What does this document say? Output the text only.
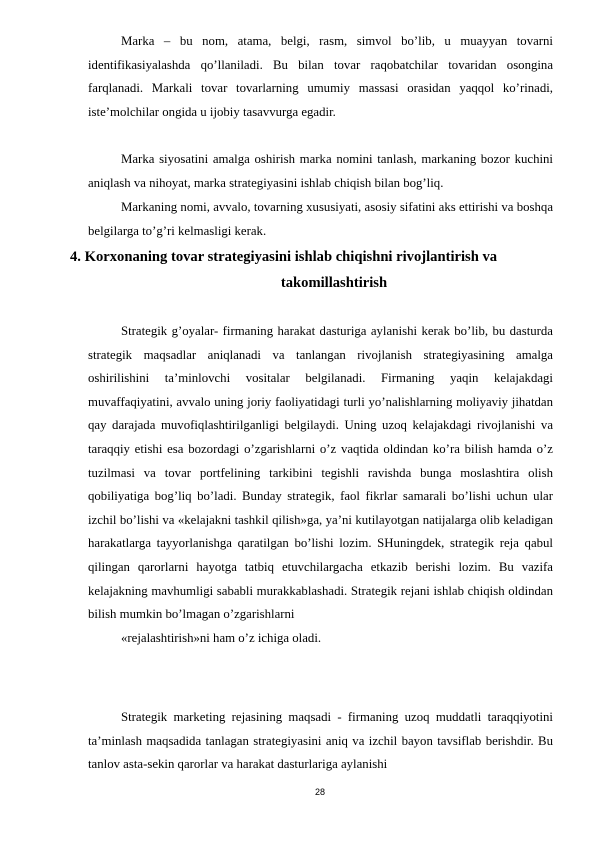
Marka – bu nom, atama, belgi, rasm, simvol bo’lib, u muayyan tovarni identifikasiyalashda qo’llaniladi. Bu bilan tovar raqobatchilar tovaridan osongina farqlanadi. Markali tovar tovarlarning umumiy massasi orasidan yaqqol ko’rinadi, iste’molchilar ongida u ijobiy tasavvurga egadir.

Marka siyosatini amalga oshirish marka nomini tanlash, markaning bozor kuchini aniqlash va nihoyat, marka strategiyasini ishlab chiqish bilan bog’liq.

Markaning nomi, avvalo, tovarning xususiyati, asosiy sifatini aks ettirishi va boshqa belgilarga to’g’ri kelmasligi kerak.

4. Korxonaning tovar strategiyasini ishlab chiqishni rivojlantirish va
takomillashtirish

Strategik g’oyalar- firmaning harakat dasturiga aylanishi kerak bo’lib, bu dasturda strategik maqsadlar aniqlanadi va tanlangan rivojlanish strategiyasining amalga oshirilishini ta’minlovchi vositalar belgilanadi. Firmaning yaqin kelajakdagi muvaffaqiyatini, avvalo uning joriy faoliyatidagi turli yo’nalishlarning moliyaviy jihatdan qay darajada muvofiqlashtirilganligi belgilaydi. Uning uzoq kelajakdagi rivojlanishi va taraqqiy etishi esa bozordagi o’zgarishlarni o’z vaqtida oldindan ko’ra bilish hamda o’z tuzilmasi va tovar portfelining tarkibini tegishli ravishda bunga moslashtira olish qobiliyatiga bog’liq bo’ladi. Bunday strategik, faol fikrlar samarali bo’lishi uchun ular izchil bo’lishi va «kelajakni tashkil qilish»ga, ya’ni kutilayotgan natijalarga olib keladigan harakatlarga tayyorlanishga qaratilgan bo’lishi lozim. SHuningdek, strategik reja qabul qilingan qarorlarni hayotga tatbiq etuvchilargacha etkazib berishi lozim. Bu vazifa kelajakning mavhumligi sababli murakkablashadi. Strategik rejani ishlab chiqish oldindan bilish mumkin bo’lmagan o’zgarishlarni

«rejalashtirish»ni ham o’z ichiga oladi.

Strategik marketing rejasining maqsadi - firmaning uzoq muddatli taraqqiyotini ta’minlash maqsadida tanlagan strategiyasini aniq va izchil bayon tavsiflab berishdir. Bu tanlov asta-sekin qarorlar va harakat dasturlariga aylanishi

28
